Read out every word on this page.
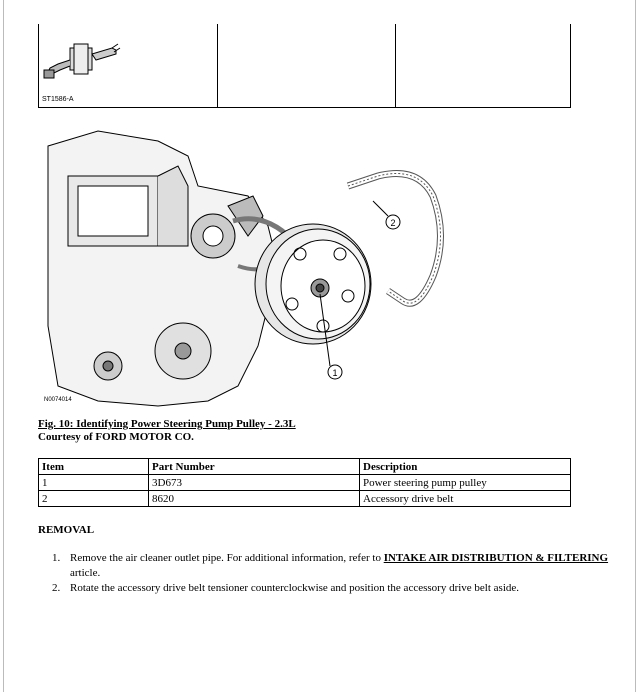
ST1586-A
1
2
N0074014
Fig. 10: Identifying Power Steering Pump Pulley - 2.3L
Courtesy of FORD MOTOR CO.
Item	Part Number	Description
1	3D673	Power steering pump pulley
2	8620	Accessory drive belt
REMOVAL
1. Remove the air cleaner outlet pipe. For additional information, refer to INTAKE AIR DISTRIBUTION & FILTERING article.
2. Rotate the accessory drive belt tensioner counterclockwise and position the accessory drive belt aside.
